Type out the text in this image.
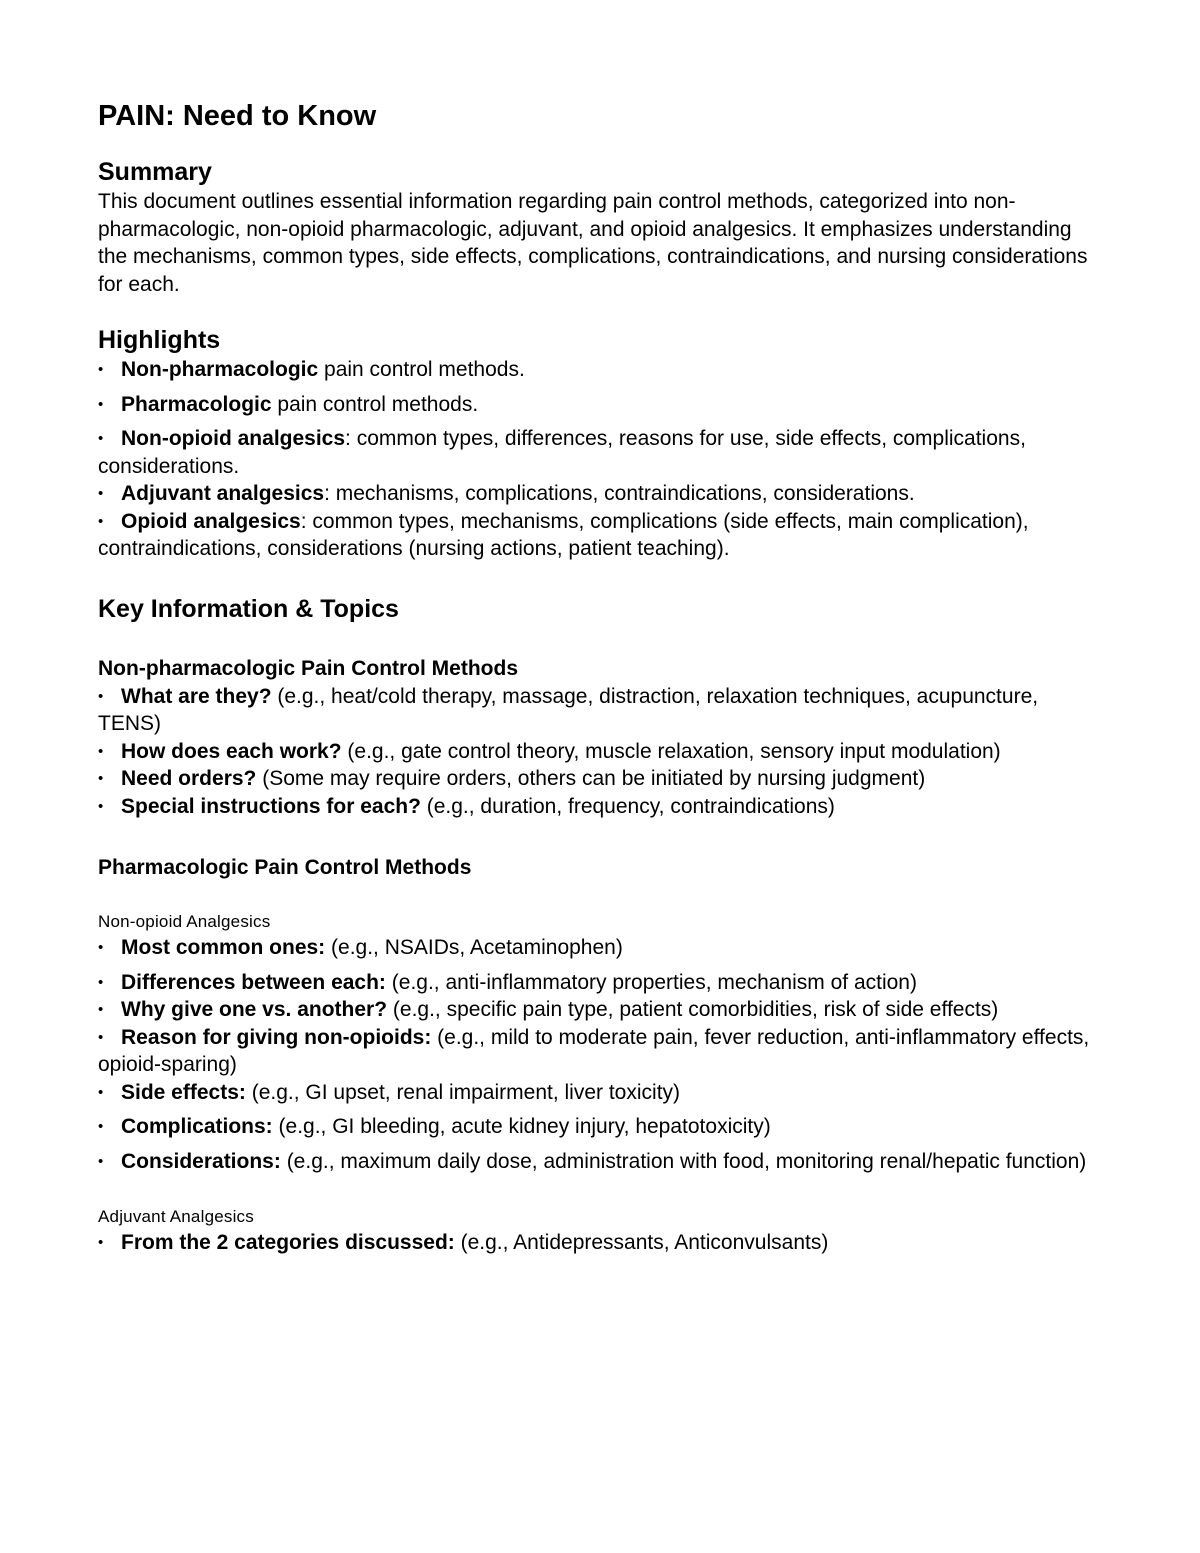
PAIN: Need to Know
Summary

This document outlines essential information regarding pain control methods, categorized into non-pharmacologic, non-opioid pharmacologic, adjuvant, and opioid analgesics. It emphasizes understanding the mechanisms, common types, side effects, complications, contraindications, and nursing considerations for each.

Highlights
• Non-pharmacologic pain control methods.
• Pharmacologic pain control methods.
• Non-opioid analgesics: common types, differences, reasons for use, side effects, complications, considerations.
• Adjuvant analgesics: mechanisms, complications, contraindications, considerations.
• Opioid analgesics: common types, mechanisms, complications (side effects, main complication), contraindications, considerations (nursing actions, patient teaching).
Key Information & Topics
Non-pharmacologic Pain Control Methods
• What are they? (e.g., heat/cold therapy, massage, distraction, relaxation techniques, acupuncture, TENS)
• How does each work? (e.g., gate control theory, muscle relaxation, sensory input modulation)
• Need orders? (Some may require orders, others can be initiated by nursing judgment)
• Special instructions for each? (e.g., duration, frequency, contraindications)
Pharmacologic Pain Control Methods
Non-opioid Analgesics
• Most common ones: (e.g., NSAIDs, Acetaminophen)
• Differences between each: (e.g., anti-inflammatory properties, mechanism of action)
• Why give one vs. another? (e.g., specific pain type, patient comorbidities, risk of side effects)
• Reason for giving non-opioids: (e.g., mild to moderate pain, fever reduction, anti-inflammatory effects, opioid-sparing)
• Side effects: (e.g., GI upset, renal impairment, liver toxicity)
• Complications: (e.g., GI bleeding, acute kidney injury, hepatotoxicity)
• Considerations: (e.g., maximum daily dose, administration with food, monitoring renal/hepatic function)
Adjuvant Analgesics
• From the 2 categories discussed: (e.g., Antidepressants, Anticonvulsants)
